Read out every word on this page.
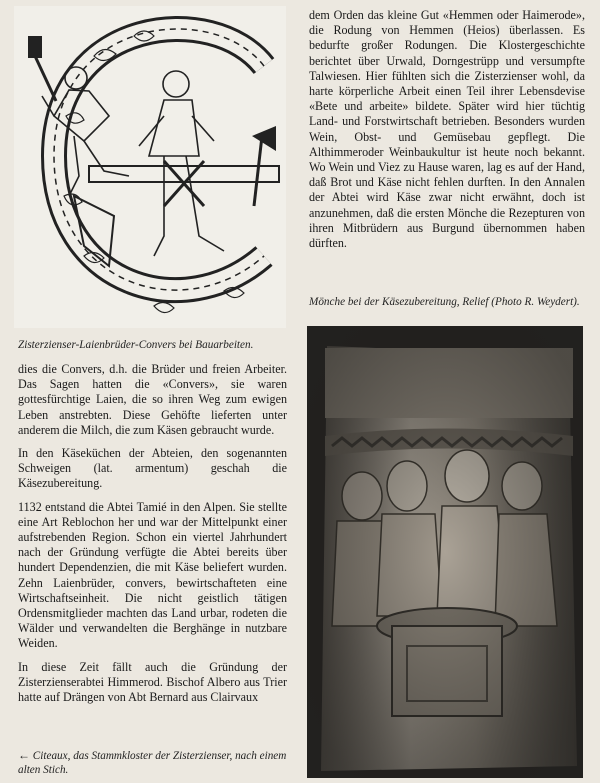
Zisterzienser-Laienbrüder-Convers bei Bauarbeiten.

dem Orden das kleine Gut «Hemmen oder Haimerode», die Rodung von Hemmen (Heios) überlassen. Es bedurfte großer Rodungen. Die Klostergeschichte berichtet über Urwald, Dorngestrüpp und versumpfte Talwiesen. Hier fühlten sich die Zisterzienser wohl, da harte körperliche Arbeit einen Teil ihrer Lebensdevise «Bete und arbeite» bildete. Später wird hier tüchtig Land- und Forstwirtschaft betrieben. Besonders wurden Wein, Obst- und Gemüsebau gepflegt. Die Althimmeroder Weinbaukultur ist heute noch bekannt. Wo Wein und Viez zu Hause waren, lag es auf der Hand, daß Brot und Käse nicht fehlen durften. In den Annalen der Abtei wird Käse zwar nicht erwähnt, doch ist anzunehmen, daß die ersten Mönche die Rezepturen von ihren Mitbrüdern aus Burgund übernommen haben dürften.

Mönche bei der Käsezubereitung, Relief (Photo R. Weydert).

dies die Convers, d.h. die Brüder und freien Arbeiter. Das Sagen hatten die «Convers», sie waren gottesfürchtige Laien, die so ihren Weg zum ewigen Leben anstrebten. Diese Gehöfte lieferten unter anderem die Milch, die zum Käsen gebraucht wurde.

In den Käseküchen der Abteien, den sogenannten Schweigen (lat. armentum) geschah die Käsezubereitung.

1132 entstand die Abtei Tamié in den Alpen. Sie stellte eine Art Reblochon her und war der Mittelpunkt einer aufstrebenden Region. Schon ein viertel Jahrhundert nach der Gründung verfügte die Abtei bereits über hundert Dependenzien, die mit Käse beliefert wurden. Zehn Laienbrüder, convers, bewirtschafteten eine Wirtschaftseinheit. Die nicht geistlich tätigen Ordensmitglieder machten das Land urbar, rodeten die Wälder und verwandelten die Berghänge in nutzbare Weiden.

In diese Zeit fällt auch die Gründung der Zisterzienserabtei Himmerod. Bischof Albero aus Trier hatte auf Drängen von Abt Bernard aus Clairvaux

← Citeaux, das Stammkloster der Zisterzienser, nach einem alten Stich.
